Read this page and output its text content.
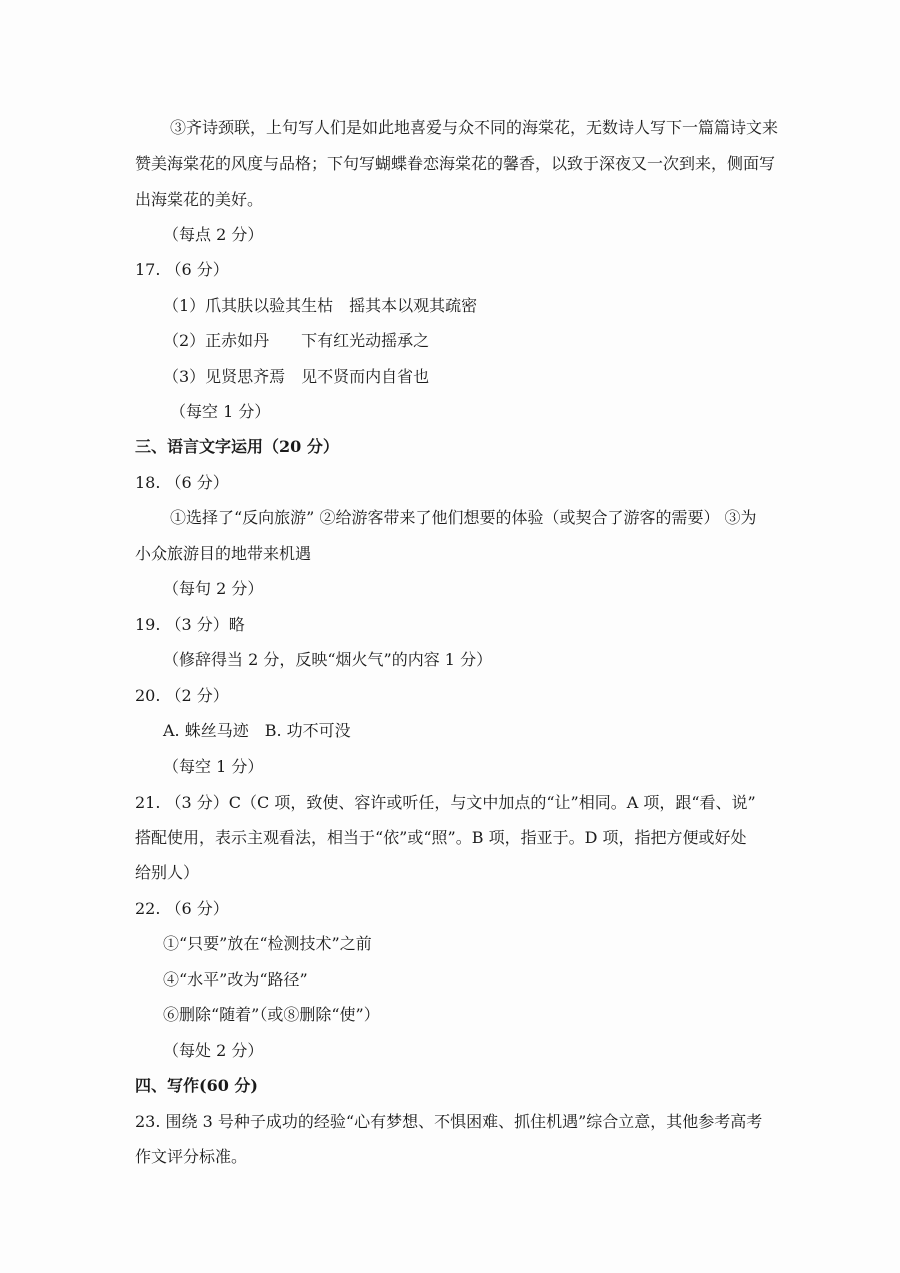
③齐诗颈联，上句写人们是如此地喜爱与众不同的海棠花，无数诗人写下一篇篇诗文来
赞美海棠花的风度与品格；下句写蝴蝶眷恋海棠花的馨香，以致于深夜又一次到来，侧面写
出海棠花的美好。
（每点 2 分）
17. （6 分）
（1）爪其肤以验其生枯　摇其本以观其疏密
（2）正赤如丹　　下有红光动摇承之
（3）见贤思齐焉　见不贤而内自省也
（每空 1 分）
三、语言文字运用（20 分）
18. （6 分）
①选择了“反向旅游” ②给游客带来了他们想要的体验（或契合了游客的需要） ③为
小众旅游目的地带来机遇
（每句 2 分）
19. （3 分）略
（修辞得当 2 分，反映“烟火气”的内容 1 分）
20. （2 分）
A. 蛛丝马迹　B. 功不可没
（每空 1 分）
21. （3 分）C（C 项，致使、容许或听任，与文中加点的“让”相同。A 项，跟“看、说”
搭配使用，表示主观看法，相当于“依”或“照”。B 项，指亚于。D 项，指把方便或好处
给别人）
22. （6 分）
①“只要”放在“检测技术”之前
④“水平”改为“路径”
⑥删除“随着”（或⑧删除“使”）
（每处 2 分）
四、写作(60 分)
23. 围绕 3 号种子成功的经验“心有梦想、不惧困难、抓住机遇”综合立意，其他参考高考
作文评分标准。
